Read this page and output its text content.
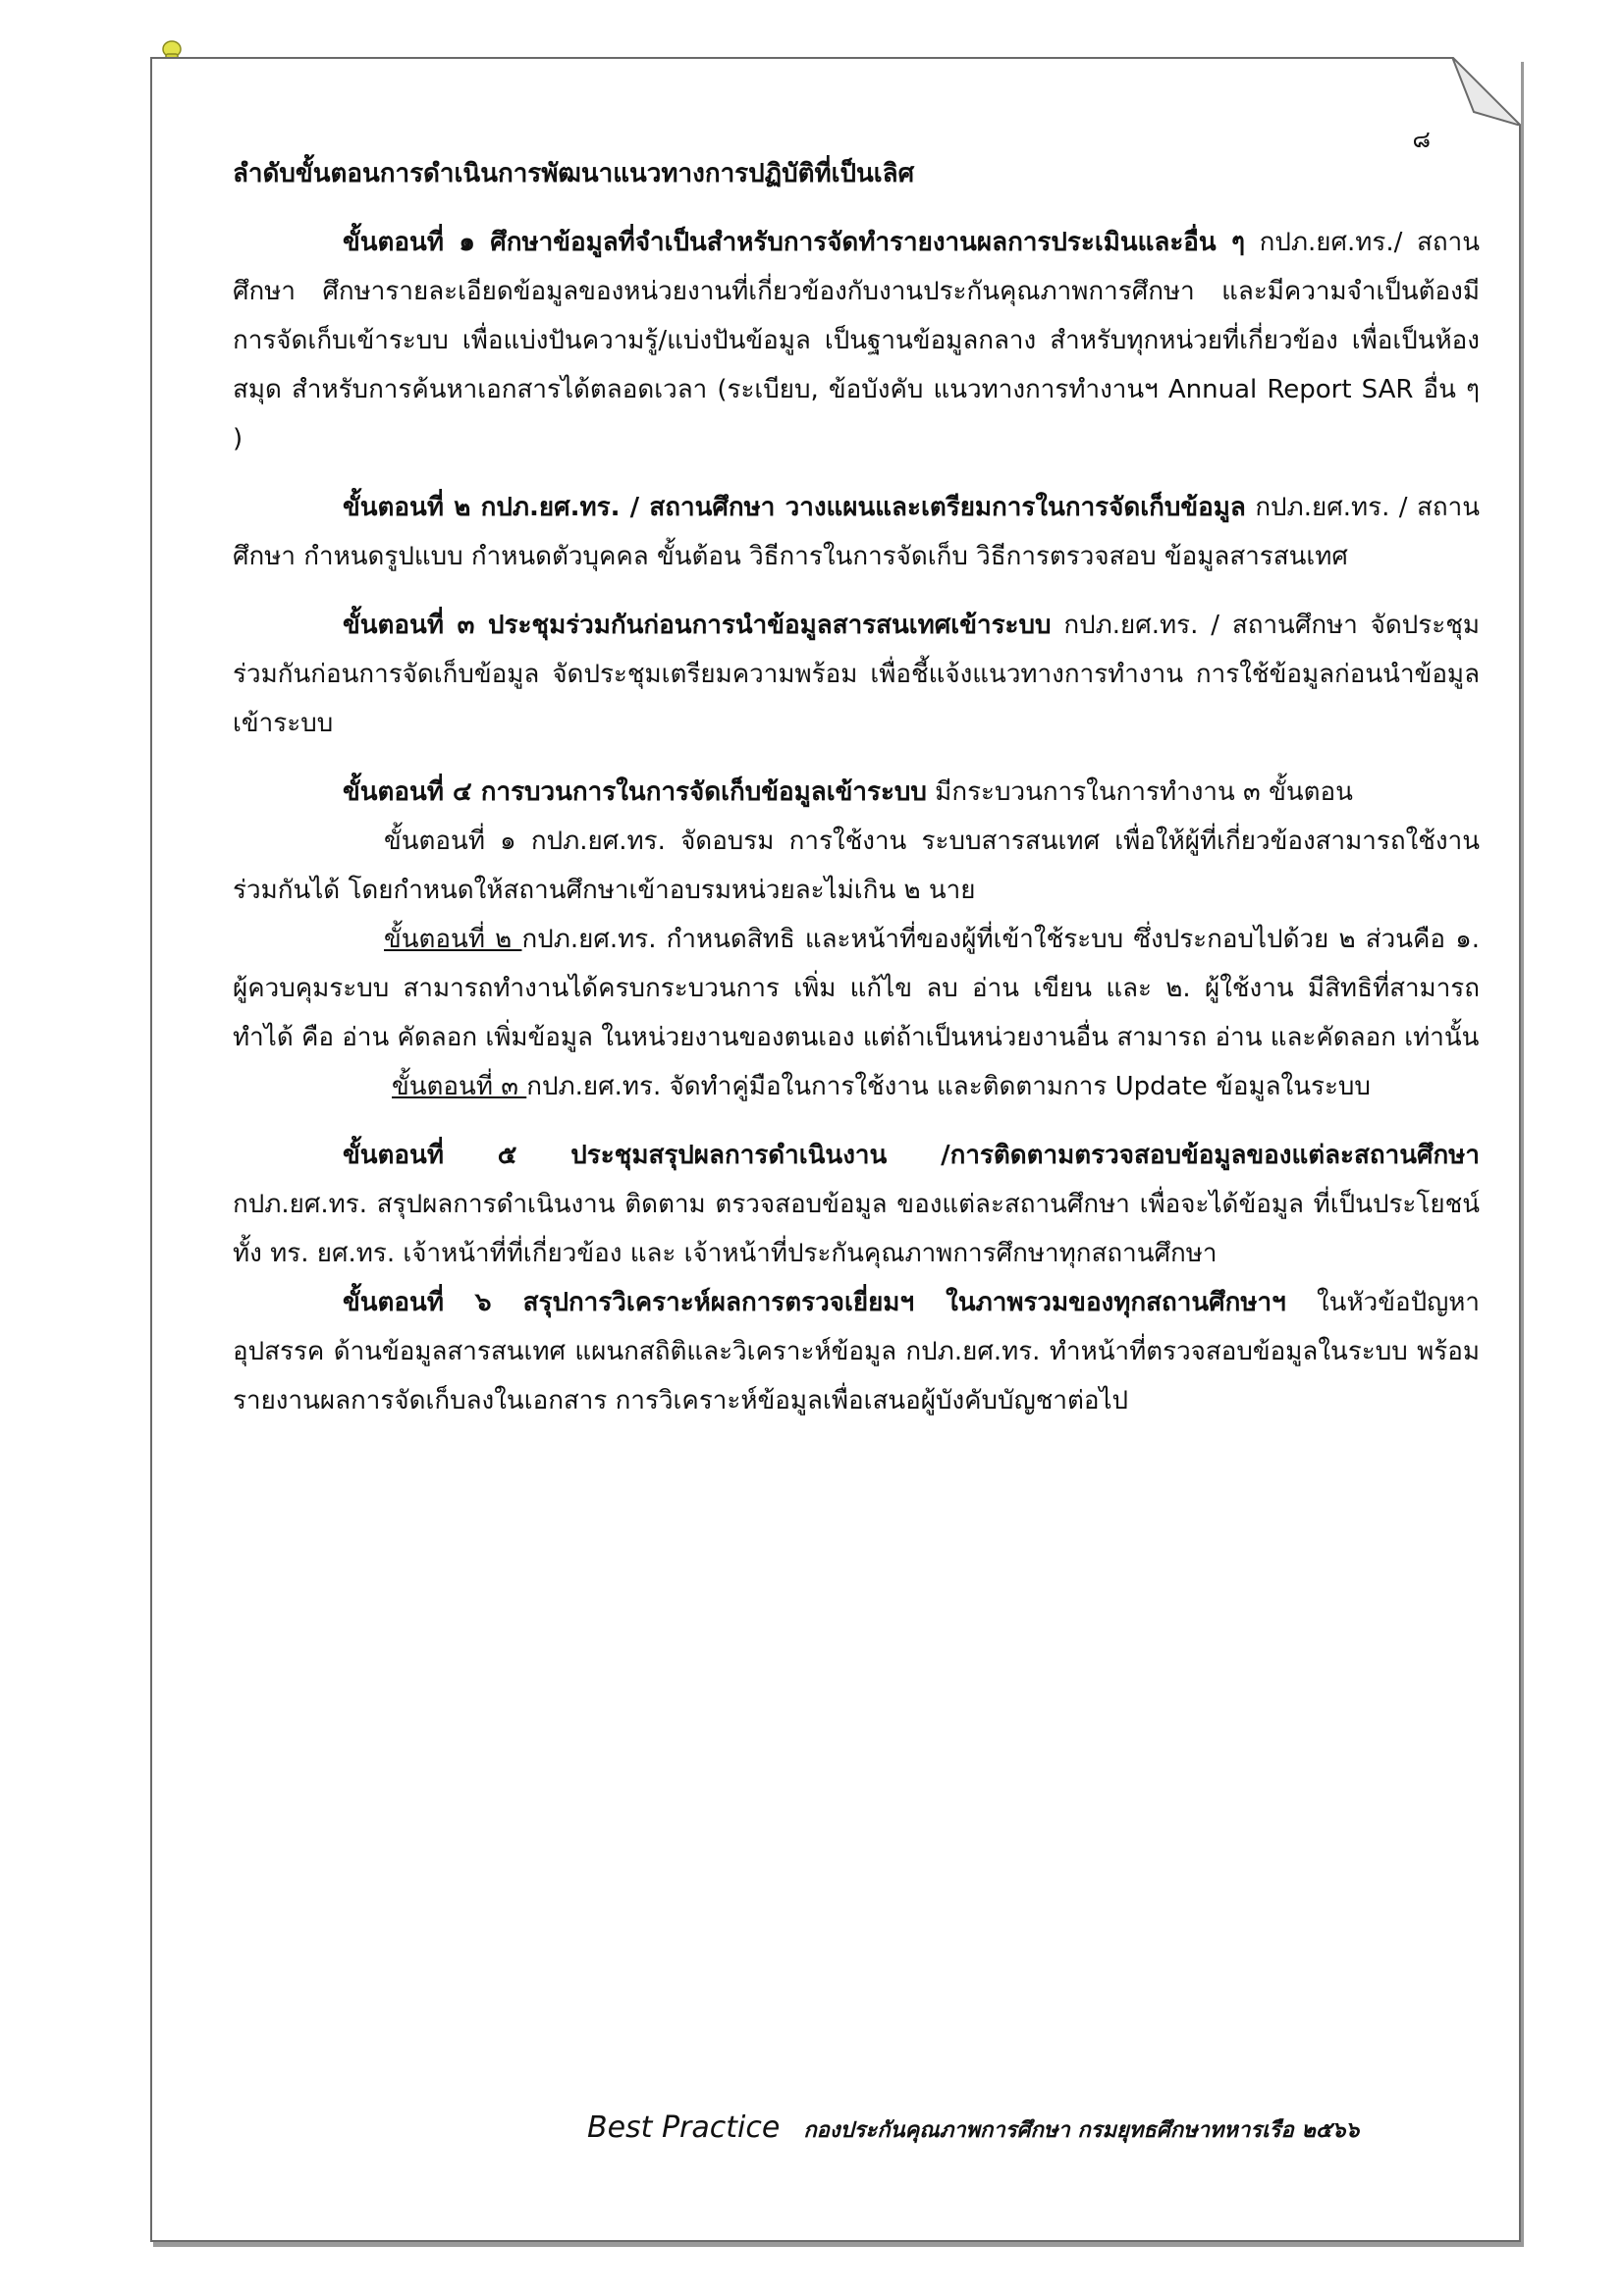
๘

ลำดับขั้นตอนการดำเนินการพัฒนาแนวทางการปฏิบัติที่เป็นเลิศ

ขั้นตอนที่ ๑ ศึกษาข้อมูลที่จำเป็นสำหรับการจัดทำรายงานผลการประเมินและอื่น ๆ กปภ.ยศ.ทร./ สถานศึกษา ศึกษารายละเอียดข้อมูลของหน่วยงานที่เกี่ยวข้องกับงานประกันคุณภาพการศึกษา และมีความจำเป็นต้องมีการจัดเก็บเข้าระบบ เพื่อแบ่งปันความรู้/แบ่งปันข้อมูล เป็นฐานข้อมูลกลาง สำหรับทุกหน่วยที่เกี่ยวข้อง เพื่อเป็นห้องสมุด สำหรับการค้นหาเอกสารได้ตลอดเวลา (ระเบียบ, ข้อบังคับ แนวทางการทำงานฯ Annual Report SAR อื่น ๆ )

ขั้นตอนที่ ๒ กปภ.ยศ.ทร. / สถานศึกษา วางแผนและเตรียมการในการจัดเก็บข้อมูล กปภ.ยศ.ทร. / สถานศึกษา กำหนดรูปแบบ กำหนดตัวบุคคล ขั้นต้อน วิธีการในการจัดเก็บ วิธีการตรวจสอบ ข้อมูลสารสนเทศ

ขั้นตอนที่ ๓ ประชุมร่วมกันก่อนการนำข้อมูลสารสนเทศเข้าระบบ กปภ.ยศ.ทร. / สถานศึกษา จัดประชุมร่วมกันก่อนการจัดเก็บข้อมูล จัดประชุมเตรียมความพร้อม เพื่อชี้แจ้งแนวทางการทำงาน การใช้ข้อมูลก่อนนำข้อมูลเข้าระบบ

ขั้นตอนที่ ๔ การบวนการในการจัดเก็บข้อมูลเข้าระบบ มีกระบวนการในการทำงาน ๓ ขั้นตอน

ขั้นตอนที่ ๑ กปภ.ยศ.ทร. จัดอบรม การใช้งาน ระบบสารสนเทศ เพื่อให้ผู้ที่เกี่ยวข้องสามารถใช้งานร่วมกันได้ โดยกำหนดให้สถานศึกษาเข้าอบรมหน่วยละไม่เกิน ๒ นาย

ขั้นตอนที่ ๒ กปภ.ยศ.ทร. กำหนดสิทธิ และหน้าที่ของผู้ที่เข้าใช้ระบบ ซึ่งประกอบไปด้วย ๒ ส่วนคือ ๑. ผู้ควบคุมระบบ สามารถทำงานได้ครบกระบวนการ เพิ่ม แก้ไข ลบ อ่าน เขียน และ ๒. ผู้ใช้งาน มีสิทธิที่สามารถทำได้ คือ อ่าน คัดลอก เพิ่มข้อมูล ในหน่วยงานของตนเอง แต่ถ้าเป็นหน่วยงานอื่น สามารถ อ่าน และคัดลอก เท่านั้น

ขั้นตอนที่ ๓ กปภ.ยศ.ทร. จัดทำคู่มือในการใช้งาน และติดตามการ Update ข้อมูลในระบบ

ขั้นตอนที่ ๕ ประชุมสรุปผลการดำเนินงาน /การติดตามตรวจสอบข้อมูลของแต่ละสถานศึกษา กปภ.ยศ.ทร. สรุปผลการดำเนินงาน ติดตาม ตรวจสอบข้อมูล ของแต่ละสถานศึกษา เพื่อจะได้ข้อมูล ที่เป็นประโยชน์ ทั้ง ทร. ยศ.ทร. เจ้าหน้าที่ที่เกี่ยวข้อง และ เจ้าหน้าที่ประกันคุณภาพการศึกษาทุกสถานศึกษา

ขั้นตอนที่ ๖ สรุปการวิเคราะห์ผลการตรวจเยี่ยมฯ ในภาพรวมของทุกสถานศึกษาฯ ในหัวข้อปัญหาอุปสรรค ด้านข้อมูลสารสนเทศ แผนกสถิติและวิเคราะห์ข้อมูล กปภ.ยศ.ทร. ทำหน้าที่ตรวจสอบข้อมูลในระบบ พร้อมรายงานผลการจัดเก็บลงในเอกสาร การวิเคราะห์ข้อมูลเพื่อเสนอผู้บังคับบัญชาต่อไป

Best Practice กองประกันคุณภาพการศึกษา กรมยุทธศึกษาทหารเรือ ๒๕๖๖
